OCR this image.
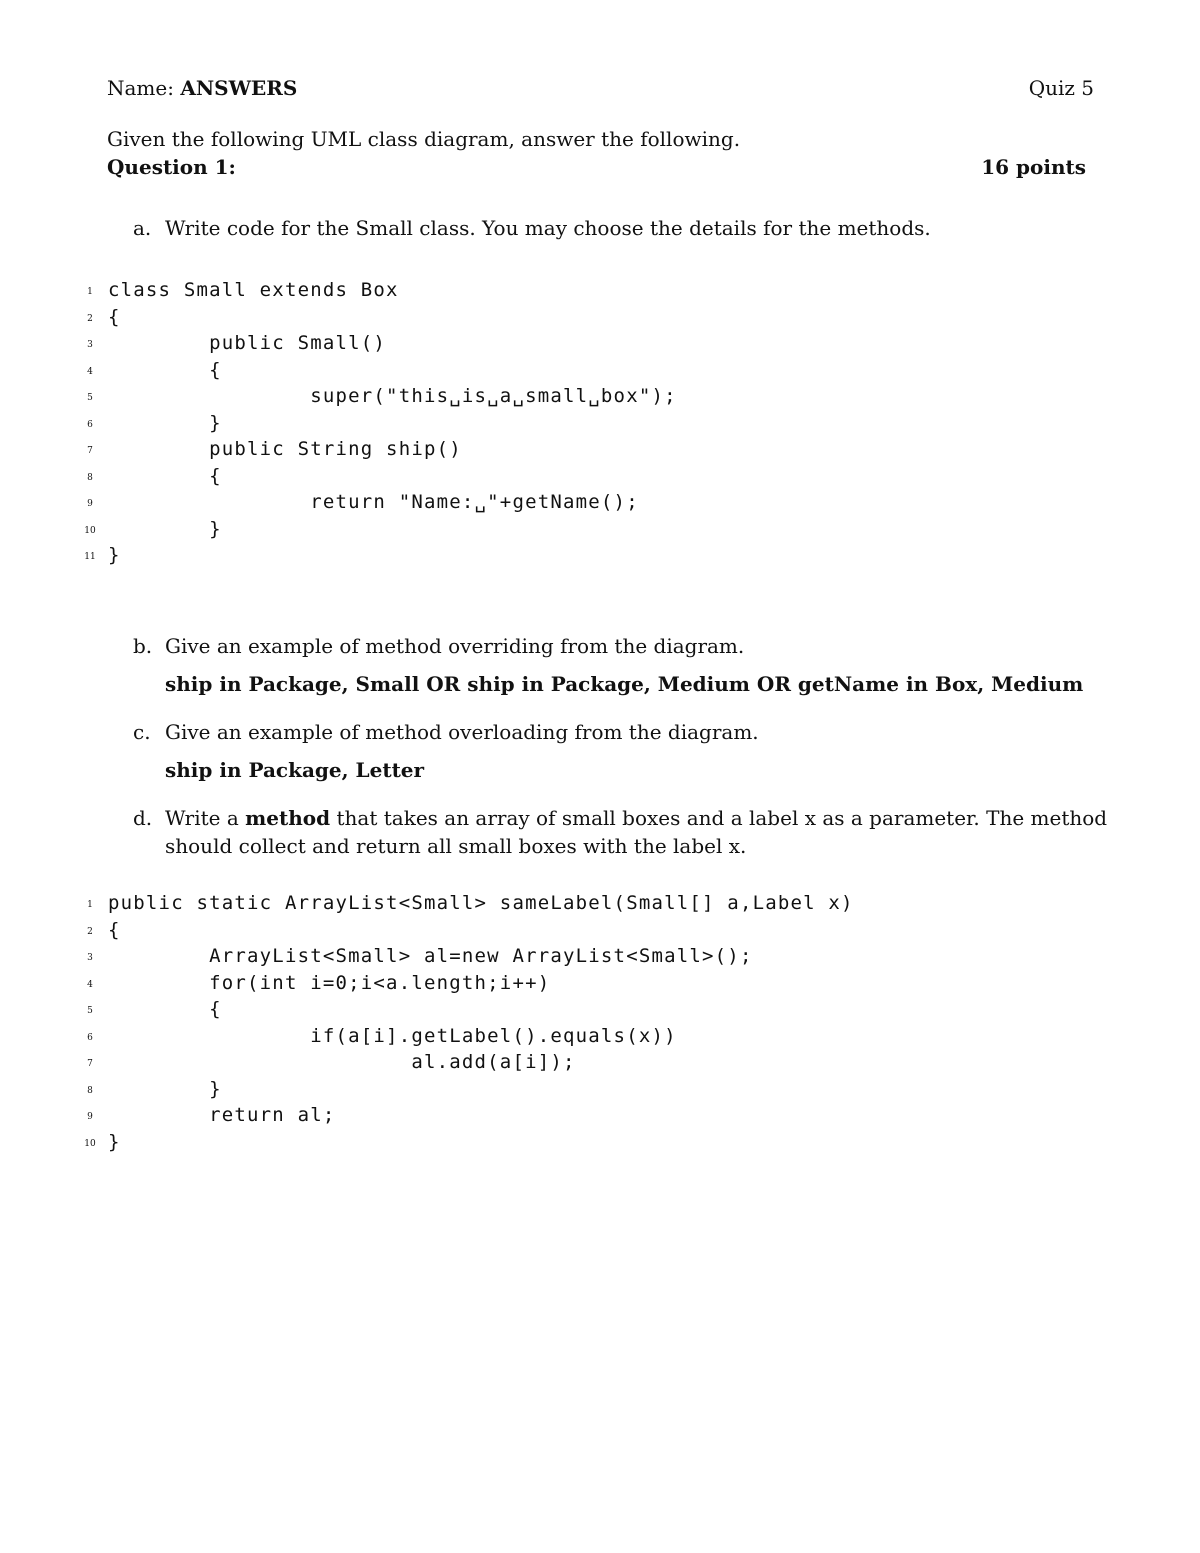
Name: ANSWERS	Quiz 5
Given the following UML class diagram, answer the following.
Question 1:	16 points
a. Write code for the Small class. You may choose the details for the methods.
1 class Small extends Box
2 {
3 public Small()
4 {
5 super("this␣is␣a␣small␣box");
6 }
7 public String ship()
8 {
9 return "Name:␣"+getName();
10 }
11 }
b. Give an example of method overriding from the diagram.
ship in Package, Small OR ship in Package, Medium OR getName in Box, Medium
c. Give an example of method overloading from the diagram.
ship in Package, Letter
d. Write a method that takes an array of small boxes and a label x as a parameter. The method
should collect and return all small boxes with the label x.
1 public static ArrayList<Small> sameLabel(Small[] a,Label x)
2 {
3 ArrayList<Small> al=new ArrayList<Small>();
4 for(int i=0;i<a.length;i++)
5 {
6 if(a[i].getLabel().equals(x))
7 al.add(a[i]);
8 }
9 return al;
10 }
